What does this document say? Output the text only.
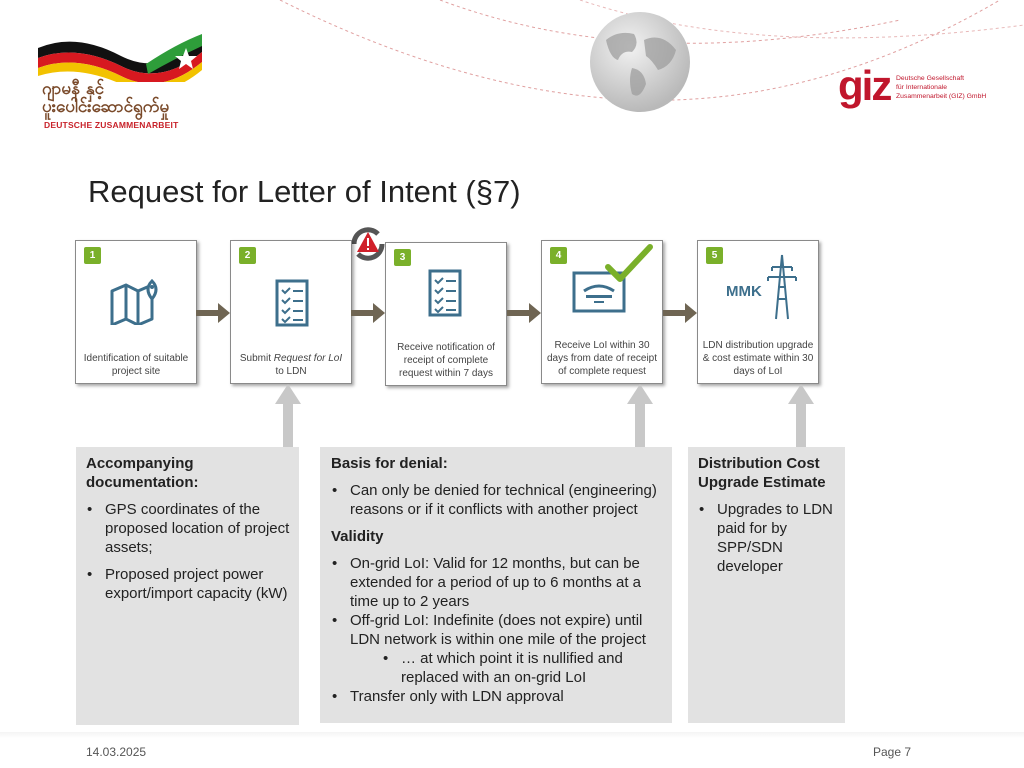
ဂျာမနီ နှင့်
ပူးပေါင်းဆောင်ရွက်မှု
DEUTSCHE ZUSAMMENARBEIT
giz Deutsche Gesellschaft
für Internationale
Zusammenarbeit (GIZ) GmbH
Request for Letter of Intent (§7)
1
Identification of suitable project site
2
Submit Request for LoI to LDN
3
Receive notification of receipt of complete request within 7 days
4
Receive LoI within 30 days from date of receipt of complete request
5
MMK
LDN distribution upgrade & cost estimate within 30 days of LoI
Accompanying documentation:
• GPS coordinates of the proposed location of project assets;
• Proposed project power export/import capacity (kW)
Basis for denial:
• Can only be denied for technical (engineering) reasons or if it conflicts with another project
Validity
• On-grid LoI: Valid for 12 months, but can be extended for a period of up to 6 months at a time up to 2 years
• Off-grid LoI: Indefinite (does not expire) until LDN network is within one mile of the project
• … at which point it is nullified and replaced with an on-grid LoI
• Transfer only with LDN approval
Distribution Cost Upgrade Estimate
• Upgrades to LDN paid for by SPP/SDN developer
14.03.2025	Page 7
